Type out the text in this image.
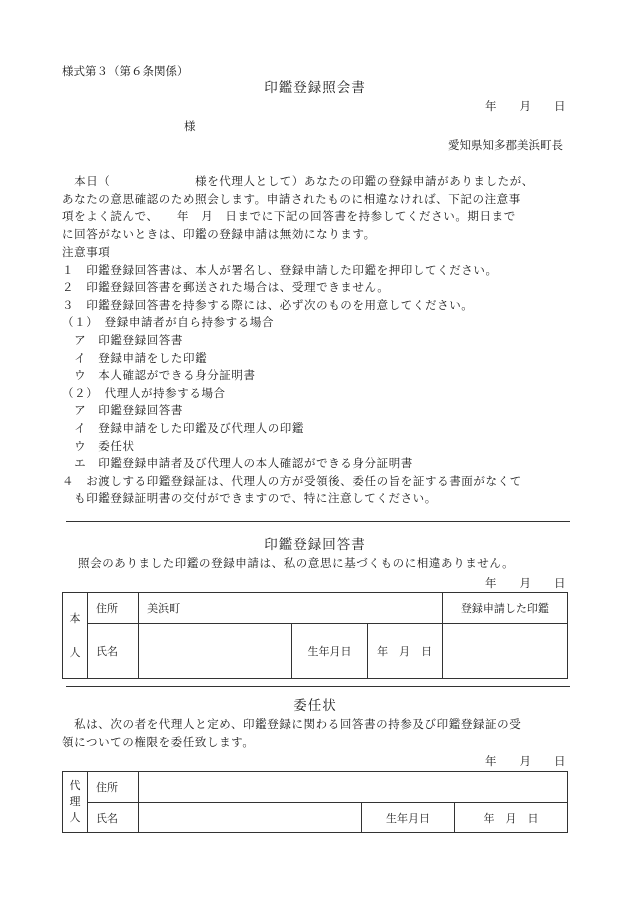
様式第３（第６条関係）
印鑑登録照会書
年　　月　　日
様
愛知県知多郡美浜町長
　本日（　　　　　　　様を代理人として）あなたの印鑑の登録申請がありましたが、
あなたの意思確認のため照会します。申請されたものに相違なければ、下記の注意事
項をよく読んで、　　年　月　日までに下記の回答書を持参してください。期日まで
に回答がないときは、印鑑の登録申請は無効になります。
注意事項
１　印鑑登録回答書は、本人が署名し、登録申請した印鑑を押印してください。
２　印鑑登録回答書を郵送された場合は、受理できません。
３　印鑑登録回答書を持参する際には、必ず次のものを用意してください。
（１）　登録申請者が自ら持参する場合
　ア　印鑑登録回答書
　イ　登録申請をした印鑑
　ウ　本人確認ができる身分証明書
（２）　代理人が持参する場合
　ア　印鑑登録回答書
　イ　登録申請をした印鑑及び代理人の印鑑
　ウ　委任状
　エ　印鑑登録申請者及び代理人の本人確認ができる身分証明書
４　お渡しする印鑑登録証は、代理人の方が受領後、委任の旨を証する書面がなくて
　も印鑑登録証明書の交付ができますので、特に注意してください。
印鑑登録回答書
照会のありました印鑑の登録申請は、私の意思に基づくものに相違ありません。
年　　月　　日
本
人	住所	美浜町			登録申請した印鑑
	氏名		生年月日	年　月　日	
委任状
　私は、次の者を代理人と定め、印鑑登録に関わる回答書の持参及び印鑑登録証の受
領についての権限を委任致します。
年　　月　　日
代
理
人	住所			
	氏名		生年月日	年　月　日
